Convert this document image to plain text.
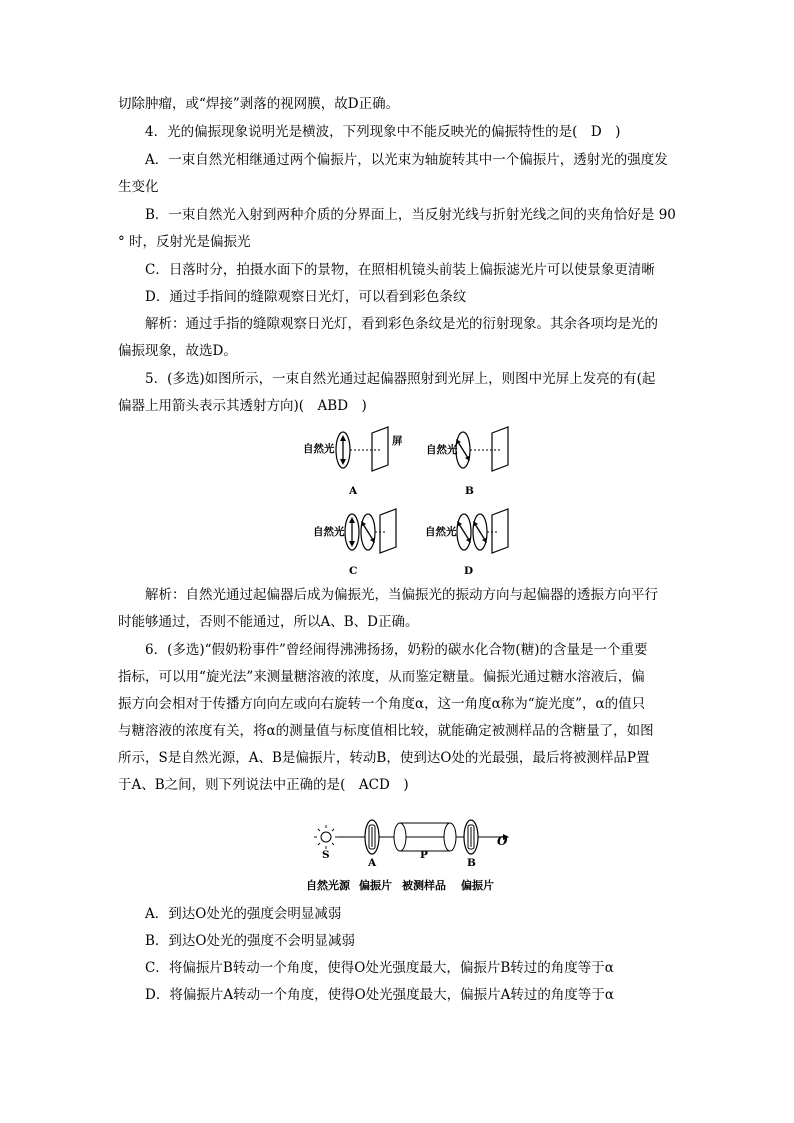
切除肿瘤，或“焊接”剥落的视网膜，故D正确。
4．光的偏振现象说明光是横波，下列现象中不能反映光的偏振特性的是(　D　)
A．一束自然光相继通过两个偏振片，以光束为轴旋转其中一个偏振片，透射光的强度发
生变化
B．一束自然光入射到两种介质的分界面上，当反射光线与折射光线之间的夹角恰好是 90
° 时，反射光是偏振光
C．日落时分，拍摄水面下的景物，在照相机镜头前装上偏振滤光片可以使景象更清晰
D．通过手指间的缝隙观察日光灯，可以看到彩色条纹
解析：通过手指的缝隙观察日光灯，看到彩色条纹是光的衍射现象。其余各项均是光的
偏振现象，故选D。
5．(多选)如图所示，一束自然光通过起偏器照射到光屏上，则图中光屏上发亮的有(起
偏器上用箭头表示其透射方向)(　ABD　)
自然光
屏
A
自然光
B
自然光
C
自然光
D
解析：自然光通过起偏器后成为偏振光，当偏振光的振动方向与起偏器的透振方向平行
时能够通过，否则不能通过，所以A、B、D正确。
6．(多选)“假奶粉事件”曾经闹得沸沸扬扬，奶粉的碳水化合物(糖)的含量是一个重要
指标，可以用“旋光法”来测量糖溶液的浓度，从而鉴定糖量。偏振光通过糖水溶液后，偏
振方向会相对于传播方向向左或向右旋转一个角度α，这一角度α称为“旋光度”，α的值只
与糖溶液的浓度有关，将α的测量值与标度值相比较，就能确定被测样品的含糖量了，如图
所示，S是自然光源，A、B是偏振片，转动B，使到达O处的光最强，最后将被测样品P置
于A、B之间，则下列说法中正确的是(　ACD　)
S
A
P
B
O
自然光源 偏振片 被测样品 偏振片
A．到达O处光的强度会明显减弱
B．到达O处光的强度不会明显减弱
C．将偏振片B转动一个角度，使得O处光强度最大，偏振片B转过的角度等于α
D．将偏振片A转动一个角度，使得O处光强度最大，偏振片A转过的角度等于α
